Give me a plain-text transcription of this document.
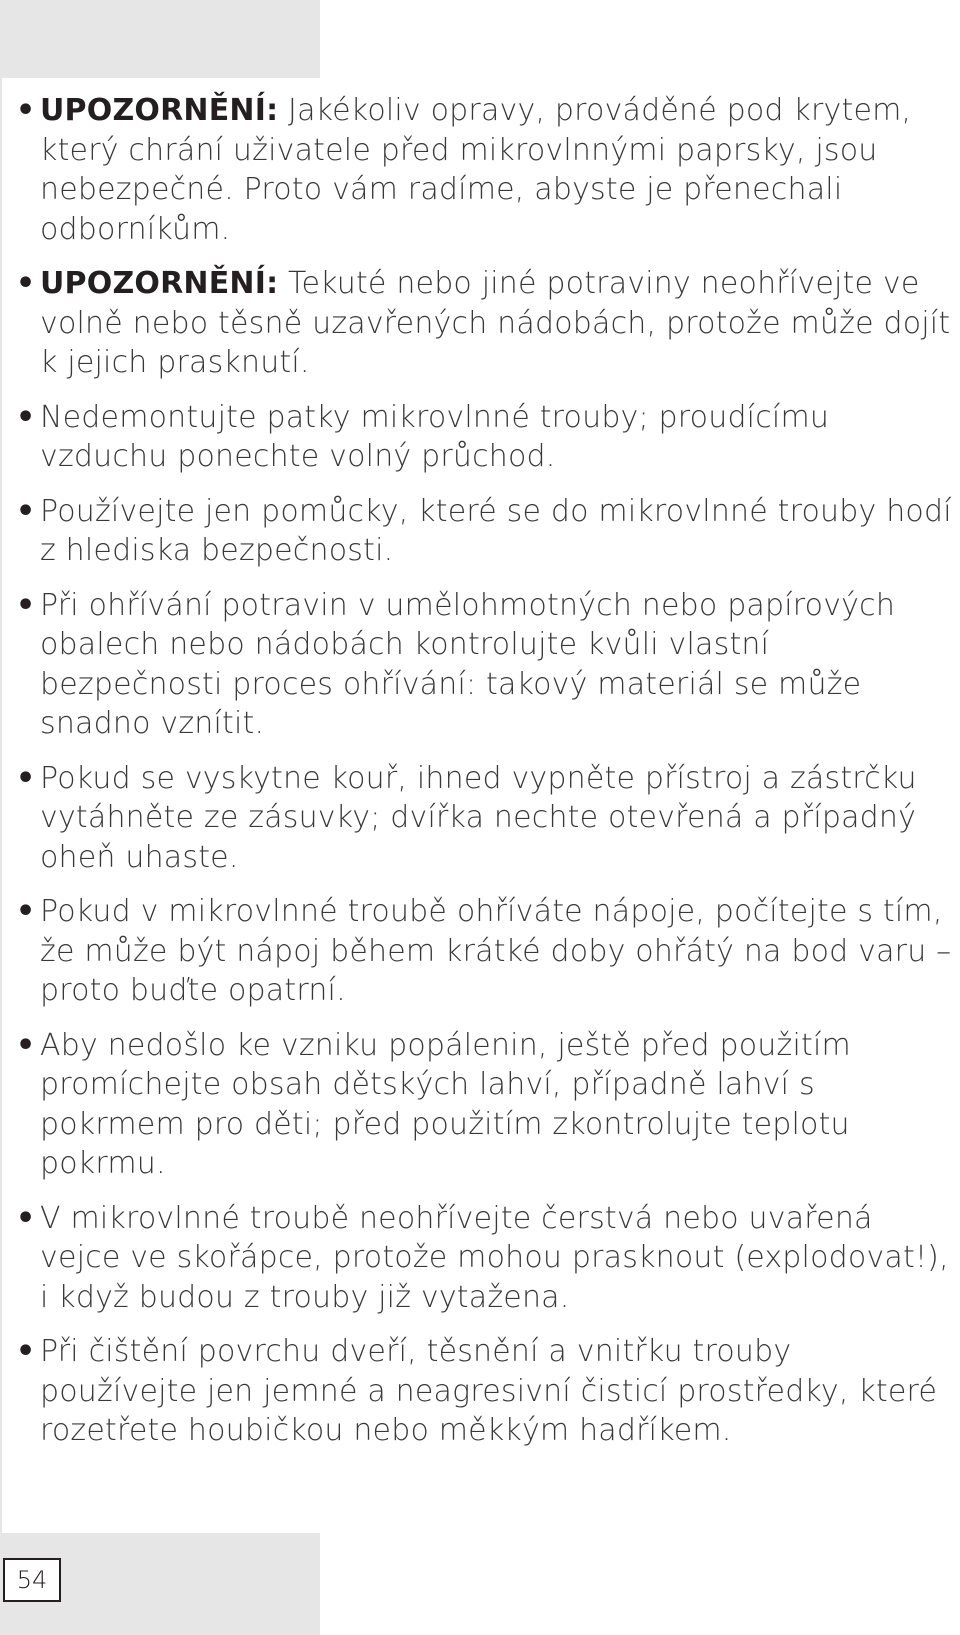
• UPOZORNĚNÍ: Jakékoliv opravy, prováděné pod krytem, který chrání uživatele před mikrovlnnými paprsky, jsou nebezpečné. Proto vám radíme, abyste je přenechali odborníkům.
• UPOZORNĚNÍ: Tekuté nebo jiné potraviny neohřívejte ve volně nebo těsně uzavřených nádobách, protože může dojít k jejich prasknutí.
• Nedemontujte patky mikrovlnné trouby; proudícímu vzduchu ponechte volný průchod.
• Používejte jen pomůcky, které se do mikrovlnné trouby hodí z hlediska bezpečnosti.
• Při ohřívání potravin v umělohmotných nebo papírových obalech nebo nádobách kontrolujte kvůli vlastní bezpečnosti proces ohřívání: takový materiál se může snadno vznítit.
• Pokud se vyskytne kouř, ihned vypněte přístroj a zástrčku vytáhněte ze zásuvky; dvířka nechte otevřená a případný oheň uhaste.
• Pokud v mikrovlnné troubě ohříváte nápoje, počítejte s tím, že může být nápoj během krátké doby ohřátý na bod varu – proto buďte opatrní.
• Aby nedošlo ke vzniku popálenin, ještě před použitím promíchejte obsah dětských lahví, případně lahví s pokrmem pro děti; před použitím zkontrolujte teplotu pokrmu.
• V mikrovlnné troubě neohřívejte čerstvá nebo uvařená vejce ve skořápce, protože mohou prasknout (explodovat!), i když budou z trouby již vytažena.
• Při čištění povrchu dveří, těsnění a vnitřku trouby používejte jen jemné a neagresivní čisticí prostředky, které rozetřete houbičkou nebo měkkým hadříkem.
54
